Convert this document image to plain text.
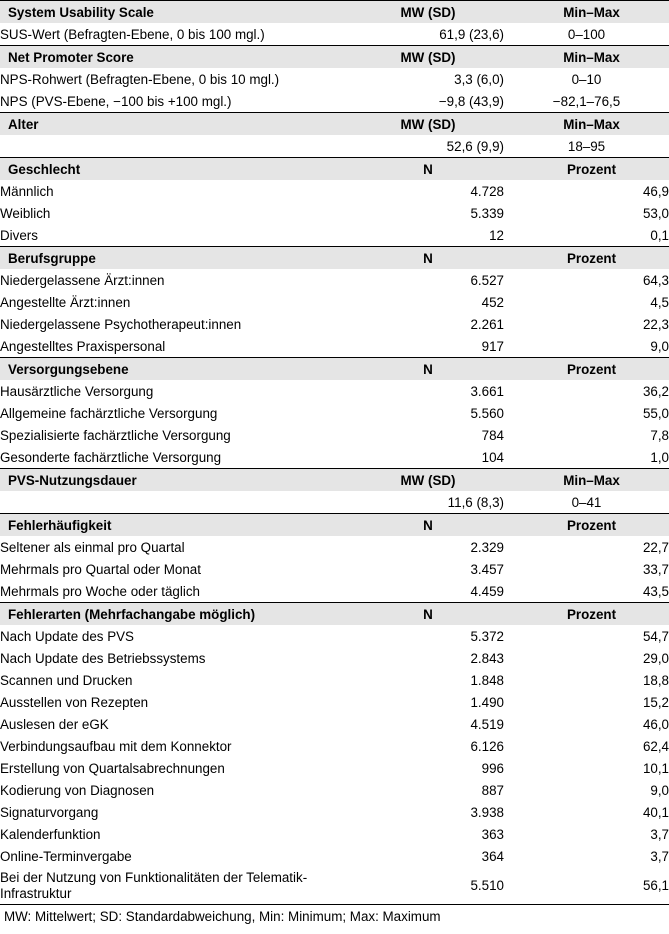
System Usability Scale	MW (SD)	Min–Max
SUS-Wert (Befragten-Ebene, 0 bis 100 mgl.)	61,9 (23,6)	0–100
Net Promoter Score	MW (SD)	Min–Max
NPS-Rohwert (Befragten-Ebene, 0 bis 10 mgl.)	3,3 (6,0)	0–10
NPS (PVS-Ebene, −100 bis +100 mgl.)	−9,8 (43,9)	−82,1–76,5
Alter	MW (SD)	Min–Max
	52,6 (9,9)	18–95
Geschlecht	N	Prozent
Männlich	4.728	46,9
Weiblich	5.339	53,0
Divers	12	0,1
Berufsgruppe	N	Prozent
Niedergelassene Ärzt:innen	6.527	64,3
Angestellte Ärzt:innen	452	4,5
Niedergelassene Psychotherapeut:innen	2.261	22,3
Angestelltes Praxispersonal	917	9,0
Versorgungsebene	N	Prozent
Hausärztliche Versorgung	3.661	36,2
Allgemeine fachärztliche Versorgung	5.560	55,0
Spezialisierte fachärztliche Versorgung	784	7,8
Gesonderte fachärztliche Versorgung	104	1,0
PVS-Nutzungsdauer	MW (SD)	Min–Max
	11,6 (8,3)	0–41
Fehlerhäufigkeit	N	Prozent
Seltener als einmal pro Quartal	2.329	22,7
Mehrmals pro Quartal oder Monat	3.457	33,7
Mehrmals pro Woche oder täglich	4.459	43,5
Fehlerarten (Mehrfachangabe möglich)	N	Prozent
Nach Update des PVS	5.372	54,7
Nach Update des Betriebssystems	2.843	29,0
Scannen und Drucken	1.848	18,8
Ausstellen von Rezepten	1.490	15,2
Auslesen der eGK	4.519	46,0
Verbindungsaufbau mit dem Konnektor	6.126	62,4
Erstellung von Quartalsabrechnungen	996	10,1
Kodierung von Diagnosen	887	9,0
Signaturvorgang	3.938	40,1
Kalenderfunktion	363	3,7
Online-Terminvergabe	364	3,7
Bei der Nutzung von Funktionalitäten der Telematik-Infrastruktur	5.510	56,1
MW: Mittelwert; SD: Standardabweichung, Min: Minimum; Max: Maximum
